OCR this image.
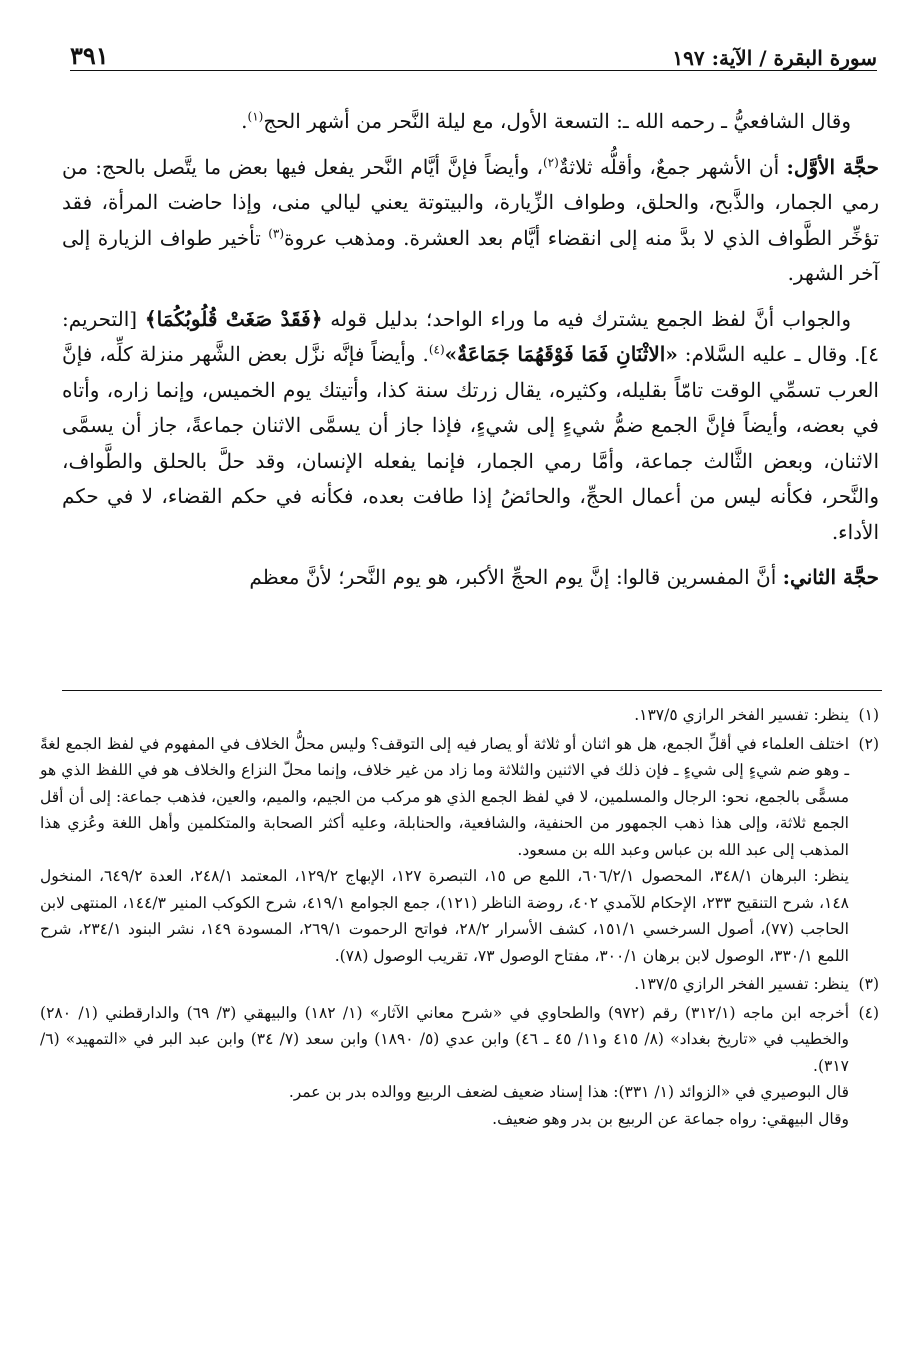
سورة البقرة / الآية: ١٩٧
٣٩١

وقال الشافعيُّ ـ رحمه الله ـ: التسعة الأول، مع ليلة النَّحر من أشهر الحج$^{(١)}$.

حجَّة الأوَّل: أن الأشهر جمعٌ، وأقلُّه ثلاثةٌ$^{(٢)}$، وأيضاً فإنَّ أيَّام النَّحر يفعل فيها بعض ما يتَّصل بالحج: من رمي الجمار، والذَّبح، والحلق، وطواف الزِّيارة، والبيتوتة يعني ليالي منى، وإذا حاضت المرأة، فقد تؤخِّر الطَّواف الذي لا بدَّ منه إلى انقضاء أيَّام بعد العشرة. ومذهب عروة$^{(٣)}$ تأخير طواف الزيارة إلى آخر الشهر.

والجواب أنَّ لفظ الجمع يشترك فيه ما وراء الواحد؛ بدليل قوله ﴿فَقَدْ صَغَتْ قُلُوبُكُمَا﴾ [التحريم: ٤]. وقال ـ عليه السَّلام: «الاثْنَانِ فَمَا فَوْقَهُمَا جَمَاعَةٌ»$^{(٤)}$. وأيضاً فإنَّه نزَّل بعض الشَّهر منزلة كلِّه، فإنَّ العرب تسمِّي الوقت تامّاً بقليله، وكثيره، يقال زرتك سنة كذا، وأتيتك يوم الخميس، وإنما زاره، وأتاه في بعضه، وأيضاً فإنَّ الجمع ضمُّ شيءٍ إلى شيءٍ، فإذا جاز أن يسمَّى الاثنان جماعةً، جاز أن يسمَّى الاثنان، وبعض الثَّالث جماعة، وأمَّا رمي الجمار، فإنما يفعله الإنسان، وقد حلَّ بالحلق والطَّواف، والنَّحر، فكأنه ليس من أعمال الحجِّ، والحائضُ إذا طافت بعده، فكأنه في حكم القضاء، لا في حكم الأداء.

حجَّة الثاني: أنَّ المفسرين قالوا: إنَّ يوم الحجِّ الأكبر، هو يوم النَّحر؛ لأنَّ معظم

(١)

ينظر: تفسير الفخر الرازي ١٣٧/٥.

(٢)

اختلف العلماء في أقلِّ الجمع، هل هو اثنان أو ثلاثة أو يصار فيه إلى التوقف؟ وليس محلُّ الخلاف في المفهوم في لفظ الجمع لغةً ـ وهو ضم شيءٍ إلى شيءٍ ـ فإن ذلك في الاثنين والثلاثة وما زاد من غير خلاف، وإنما محلّ النزاع والخلاف هو في اللفظ الذي هو مسمًّى بالجمع، نحو: الرجال والمسلمين، لا في لفظ الجمع الذي هو مركب من الجيم، والميم، والعين، فذهب جماعة: إلى أن أقل الجمع ثلاثة، وإلى هذا ذهب الجمهور من الحنفية، والشافعية، والحنابلة، وعليه أكثر الصحابة والمتكلمين وأهل اللغة وعُزي هذا المذهب إلى عبد الله بن عباس وعبد الله بن مسعود.

ينظر: البرهان ٣٤٨/١، المحصول ٦٠٦/٢/١، اللمع ص ١٥، التبصرة ١٢٧، الإبهاج ١٢٩/٢، المعتمد ٢٤٨/١، العدة ٦٤٩/٢، المنخول ١٤٨، شرح التنقيح ٢٣٣، الإحكام للآمدي ٤٠٢، روضة الناظر (١٢١)، جمع الجوامع ٤١٩/١، شرح الكوكب المنير ١٤٤/٣، المنتهى لابن الحاجب (٧٧)، أصول السرخسي ١٥١/١، كشف الأسرار ٢٨/٢، فواتح الرحموت ٢٦٩/١، المسودة ١٤٩، نشر البنود ٢٣٤/١، شرح اللمع ٣٣٠/١، الوصول لابن برهان ٣٠٠/١، مفتاح الوصول ٧٣، تقريب الوصول (٧٨).

(٣)

ينظر: تفسير الفخر الرازي ١٣٧/٥.

(٤)

أخرجه ابن ماجه (٣١٢/١) رقم (٩٧٢) والطحاوي في «شرح معاني الآثار» (١/ ١٨٢) والبيهقي (٣/ ٦٩) والدارقطني (١/ ٢٨٠) والخطيب في «تاريخ بغداد» (٨/ ٤١٥ و١١/ ٤٥ ـ ٤٦) وابن عدي (٥/ ١٨٩٠) وابن سعد (٧/ ٣٤) وابن عبد البر في «التمهيد» (٦/ ٣١٧).

قال البوصيري في «الزوائد (١/ ٣٣١): هذا إسناد ضعيف لضعف الربيع ووالده بدر بن عمر.

وقال البيهقي: رواه جماعة عن الربيع بن بدر وهو ضعيف.
